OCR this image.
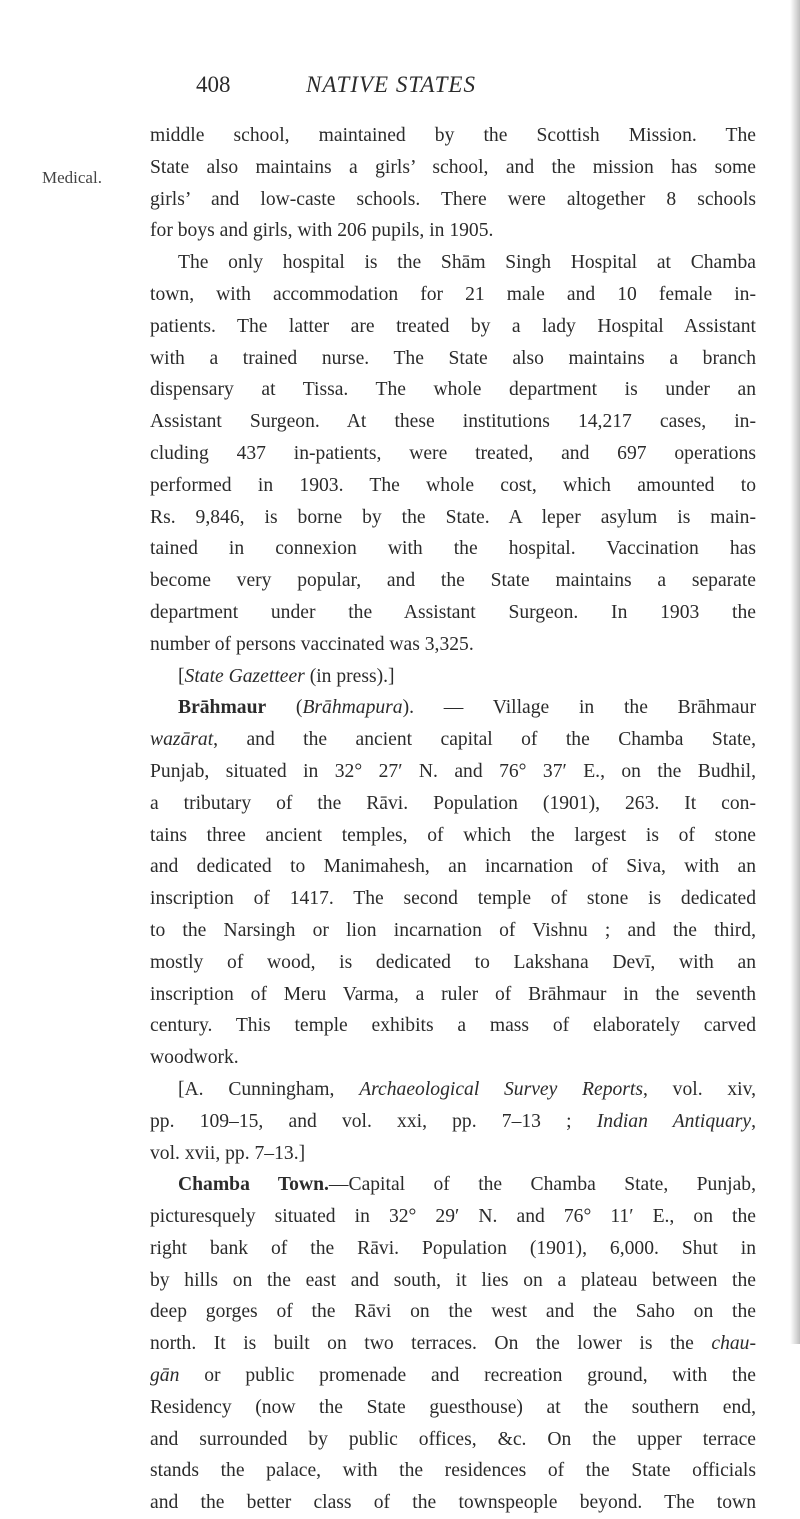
408	NATIVE STATES
Medical.
middle school, maintained by the Scottish Mission. The
State also maintains a girls’ school, and the mission has some
girls’ and low-caste schools. There were altogether 8 schools
for boys and girls, with 206 pupils, in 1905.
The only hospital is the Shām Singh Hospital at Chamba
town, with accommodation for 21 male and 10 female in-
patients. The latter are treated by a lady Hospital Assistant
with a trained nurse. The State also maintains a branch
dispensary at Tissa. The whole department is under an
Assistant Surgeon. At these institutions 14,217 cases, in-
cluding 437 in-patients, were treated, and 697 operations
performed in 1903. The whole cost, which amounted to
Rs. 9,846, is borne by the State. A leper asylum is main-
tained in connexion with the hospital. Vaccination has
become very popular, and the State maintains a separate
department under the Assistant Surgeon. In 1903 the
number of persons vaccinated was 3,325.
[State Gazetteer (in press).]
Brāhmaur (Brāhmapura). — Village in the Brāhmaur
wazārat, and the ancient capital of the Chamba State,
Punjab, situated in 32° 27′ N. and 76° 37′ E., on the Budhil,
a tributary of the Rāvi. Population (1901), 263. It con-
tains three ancient temples, of which the largest is of stone
and dedicated to Manimahesh, an incarnation of Siva, with an
inscription of 1417. The second temple of stone is dedicated
to the Narsingh or lion incarnation of Vishnu ; and the third,
mostly of wood, is dedicated to Lakshana Devī, with an
inscription of Meru Varma, a ruler of Brāhmaur in the seventh
century. This temple exhibits a mass of elaborately carved
woodwork.
[A. Cunningham, Archaeological Survey Reports, vol. xiv,
pp. 109–15, and vol. xxi, pp. 7–13 ; Indian Antiquary,
vol. xvii, pp. 7–13.]
Chamba Town.—Capital of the Chamba State, Punjab,
picturesquely situated in 32° 29′ N. and 76° 11′ E., on the
right bank of the Rāvi. Population (1901), 6,000. Shut in
by hills on the east and south, it lies on a plateau between the
deep gorges of the Rāvi on the west and the Saho on the
north. It is built on two terraces. On the lower is the chau-
gān or public promenade and recreation ground, with the
Residency (now the State guesthouse) at the southern end,
and surrounded by public offices, &c. On the upper terrace
stands the palace, with the residences of the State officials
and the better class of the townspeople beyond. The town
